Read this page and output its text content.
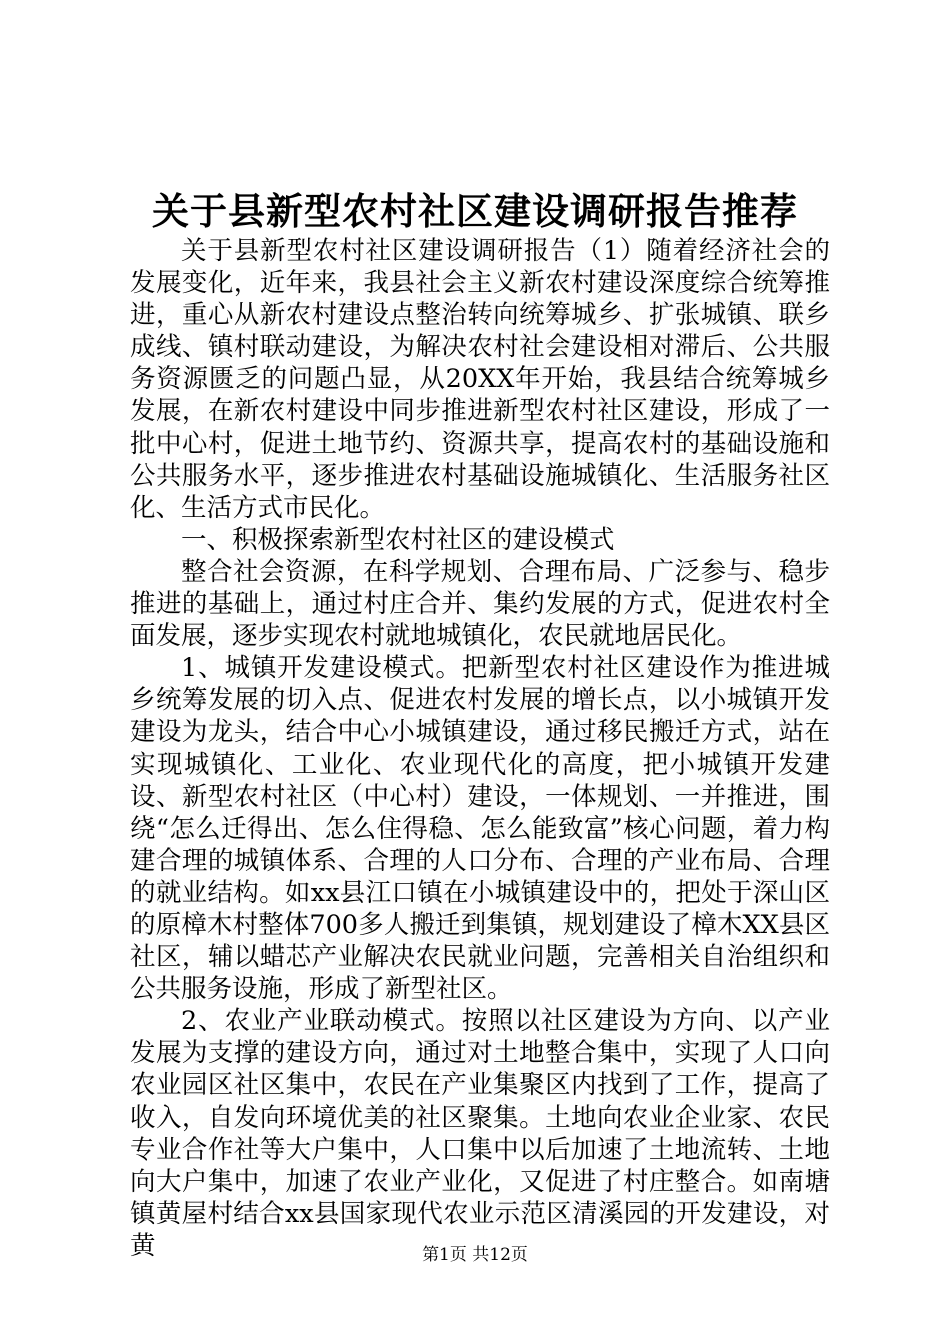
关于县新型农村社区建设调研报告推荐

关于县新型农村社区建设调研报告（1）随着经济社会的发展变化，近年来，我县社会主义新农村建设深度综合统筹推进，重心从新农村建设点整治转向统筹城乡、扩张城镇、联乡成线、镇村联动建设，为解决农村社会建设相对滞后、公共服务资源匮乏的问题凸显，从20XX年开始，我县结合统筹城乡发展，在新农村建设中同步推进新型农村社区建设，形成了一批中心村，促进土地节约、资源共享，提高农村的基础设施和公共服务水平，逐步推进农村基础设施城镇化、生活服务社区化、生活方式市民化。

一、积极探索新型农村社区的建设模式

整合社会资源，在科学规划、合理布局、广泛参与、稳步推进的基础上，通过村庄合并、集约发展的方式，促进农村全面发展，逐步实现农村就地城镇化，农民就地居民化。

1、城镇开发建设模式。把新型农村社区建设作为推进城乡统筹发展的切入点、促进农村发展的增长点，以小城镇开发建设为龙头，结合中心小城镇建设，通过移民搬迁方式，站在实现城镇化、工业化、农业现代化的高度，把小城镇开发建设、新型农村社区（中心村）建设，一体规划、一并推进，围绕“怎么迁得出、怎么住得稳、怎么能致富”核心问题，着力构建合理的城镇体系、合理的人口分布、合理的产业布局、合理的就业结构。如xx县江口镇在小城镇建设中的，把处于深山区的原樟木村整体700多人搬迁到集镇，规划建设了樟木XX县区社区，辅以蜡芯产业解决农民就业问题，完善相关自治组织和公共服务设施，形成了新型社区。

2、农业产业联动模式。按照以社区建设为方向、以产业发展为支撑的建设方向，通过对土地整合集中，实现了人口向农业园区社区集中，农民在产业集聚区内找到了工作，提高了收入，自发向环境优美的社区聚集。土地向农业企业家、农民专业合作社等大户集中，人口集中以后加速了土地流转、土地向大户集中，加速了农业产业化，又促进了村庄整合。如南塘镇黄屋村结合xx县国家现代农业示范区清溪园的开发建设，对黄	第1页 共12页
